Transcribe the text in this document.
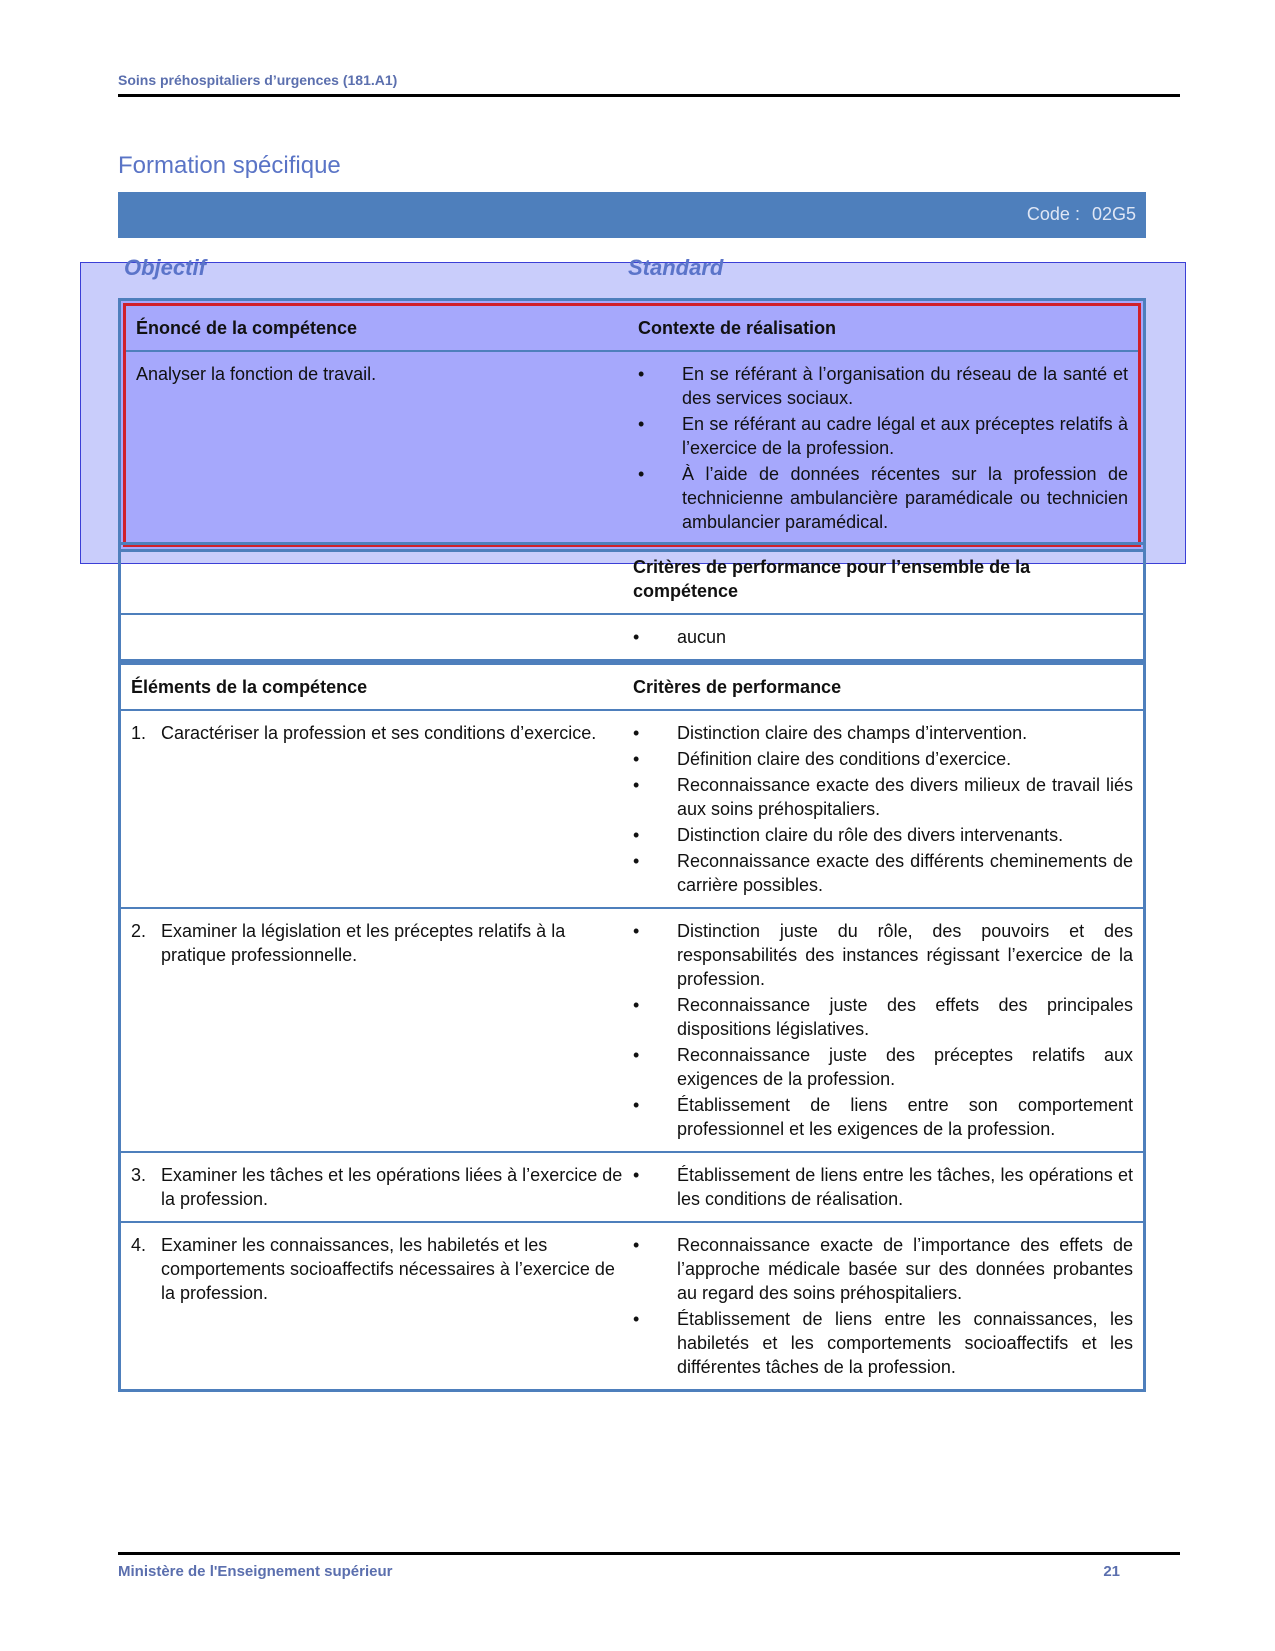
Soins préhospitaliers d’urgences (181.A1)
Formation spécifique
Code : 02G5
Objectif	Standard
Énoncé de la compétence	Contexte de réalisation
Analyser la fonction de travail.	• En se référant à l’organisation du réseau de la santé et des services sociaux.
• En se référant au cadre légal et aux préceptes relatifs à l’exercice de la profession.
• À l’aide de données récentes sur la profession de technicienne ambulancière paramédicale ou technicien ambulancier paramédical.
Critères de performance pour l’ensemble de la compétence
• aucun
Éléments de la compétence	Critères de performance
1. Caractériser la profession et ses conditions d’exercice.	• Distinction claire des champs d’intervention.
• Définition claire des conditions d’exercice.
• Reconnaissance exacte des divers milieux de travail liés aux soins préhospitaliers.
• Distinction claire du rôle des divers intervenants.
• Reconnaissance exacte des différents cheminements de carrière possibles.
2. Examiner la législation et les préceptes relatifs à la pratique professionnelle.
• Distinction juste du rôle, des pouvoirs et des responsabilités des instances régissant l’exercice de la profession.
• Reconnaissance juste des effets des principales dispositions législatives.
• Reconnaissance juste des préceptes relatifs aux exigences de la profession.
• Établissement de liens entre son comportement professionnel et les exigences de la profession.
3. Examiner les tâches et les opérations liées à l’exercice de la profession.
• Établissement de liens entre les tâches, les opérations et les conditions de réalisation.
4. Examiner les connaissances, les habiletés et les comportements socioaffectifs nécessaires à l’exercice de la profession.
• Reconnaissance exacte de l’importance des effets de l’approche médicale basée sur des données probantes au regard des soins préhospitaliers.
• Établissement de liens entre les connaissances, les habiletés et les comportements socioaffectifs et les différentes tâches de la profession.
Ministère de l'Enseignement supérieur	21
